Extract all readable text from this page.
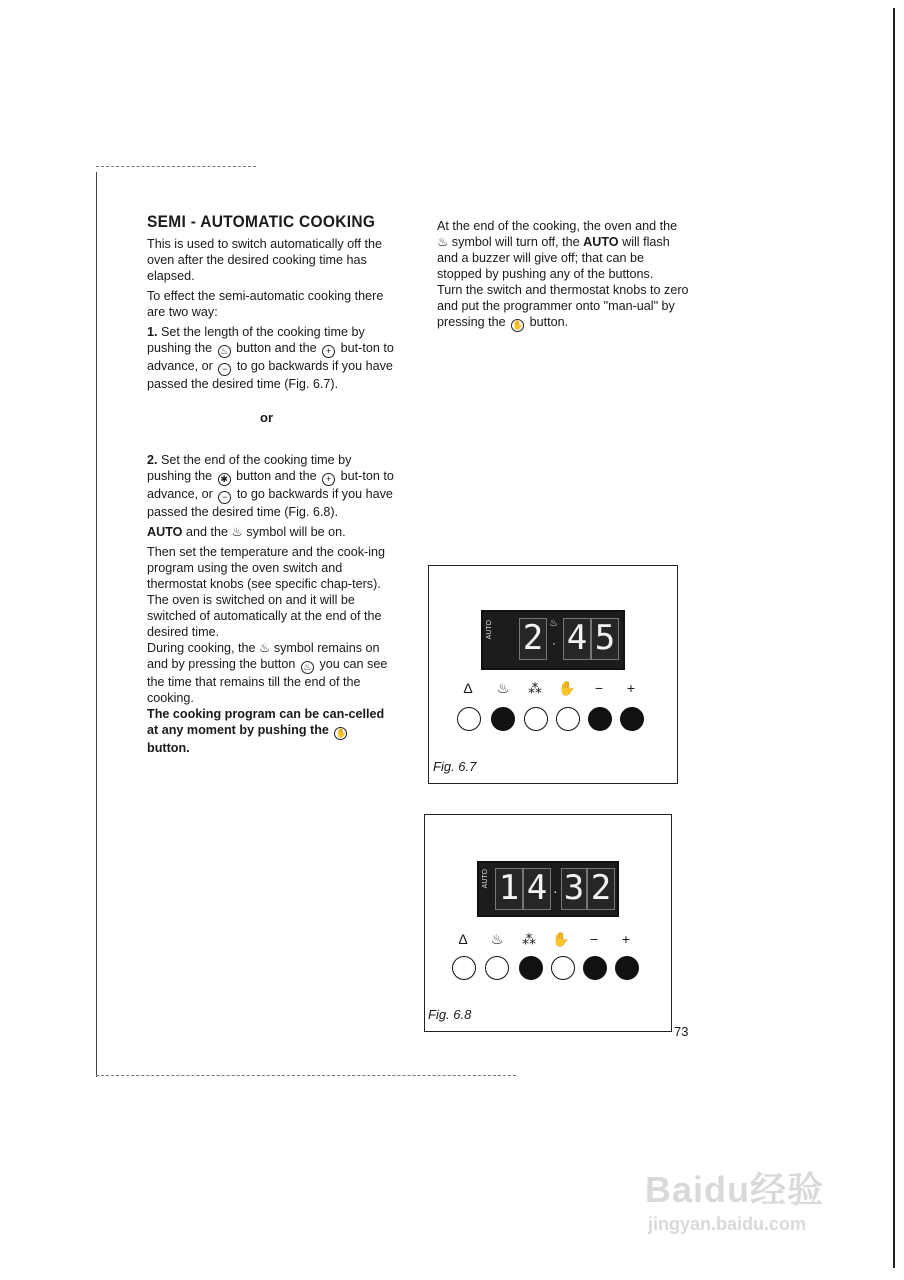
SEMI - AUTOMATIC COOKING

This is used to switch automatically off the oven after the desired cooking time has elapsed.

To effect the semi-automatic cooking there are two way:

1. Set the length of the cooking time by pushing the ♨ button and the + but-ton to advance, or − to go backwards if you have passed the desired time (Fig. 6.7).

or

2. Set the end of the cooking time by pushing the ✱ button and the + but-ton to advance, or − to go backwards if you have passed the desired time (Fig. 6.8).

AUTO and the ♨ symbol will be on.

Then set the temperature and the cook-ing program using the oven switch and thermostat knobs (see specific chap-ters).

The oven is switched on and it will be switched of automatically at the end of the desired time.

During cooking, the ♨ symbol remains on and by pressing the button ♨ you can see the time that remains till the end of the cooking.

The cooking program can be can-celled at any moment by pushing the ✋ button.

At the end of the cooking, the oven and the ♨ symbol will turn off, the AUTO will flash and a buzzer will give off; that can be stopped by pushing any of the buttons.

Turn the switch and thermostat knobs to zero and put the programmer onto "man-ual" by pressing the ✋ button.

AUTO 2 ♨
· 4 5
Δ	♨	⁂	✋	−	+
Fig. 6.7
AUTO 1 4 · 3 2
Δ	♨	⁂	✋	−	+
Fig. 6.8
73
Baidu经验
jingyan.baidu.com
